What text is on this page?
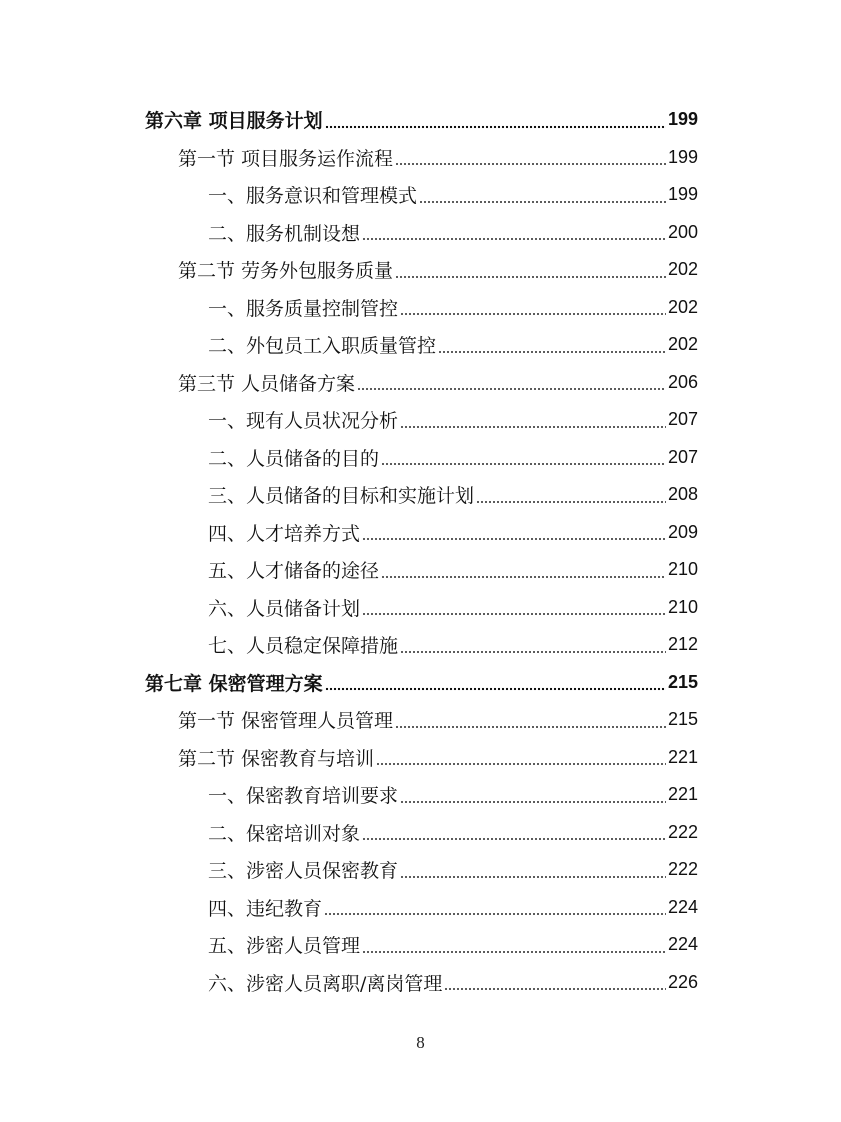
第六章 项目服务计划	199
第一节 项目服务运作流程	199
一、服务意识和管理模式	199
二、服务机制设想	200
第二节 劳务外包服务质量	202
一、服务质量控制管控	202
二、外包员工入职质量管控	202
第三节 人员储备方案	206
一、现有人员状况分析	207
二、人员储备的目的	207
三、人员储备的目标和实施计划	208
四、人才培养方式	209
五、人才储备的途径	210
六、人员储备计划	210
七、人员稳定保障措施	212
第七章 保密管理方案	215
第一节 保密管理人员管理	215
第二节 保密教育与培训	221
一、保密教育培训要求	221
二、保密培训对象	222
三、涉密人员保密教育	222
四、违纪教育	224
五、涉密人员管理	224
六、涉密人员离职/离岗管理	226
8
